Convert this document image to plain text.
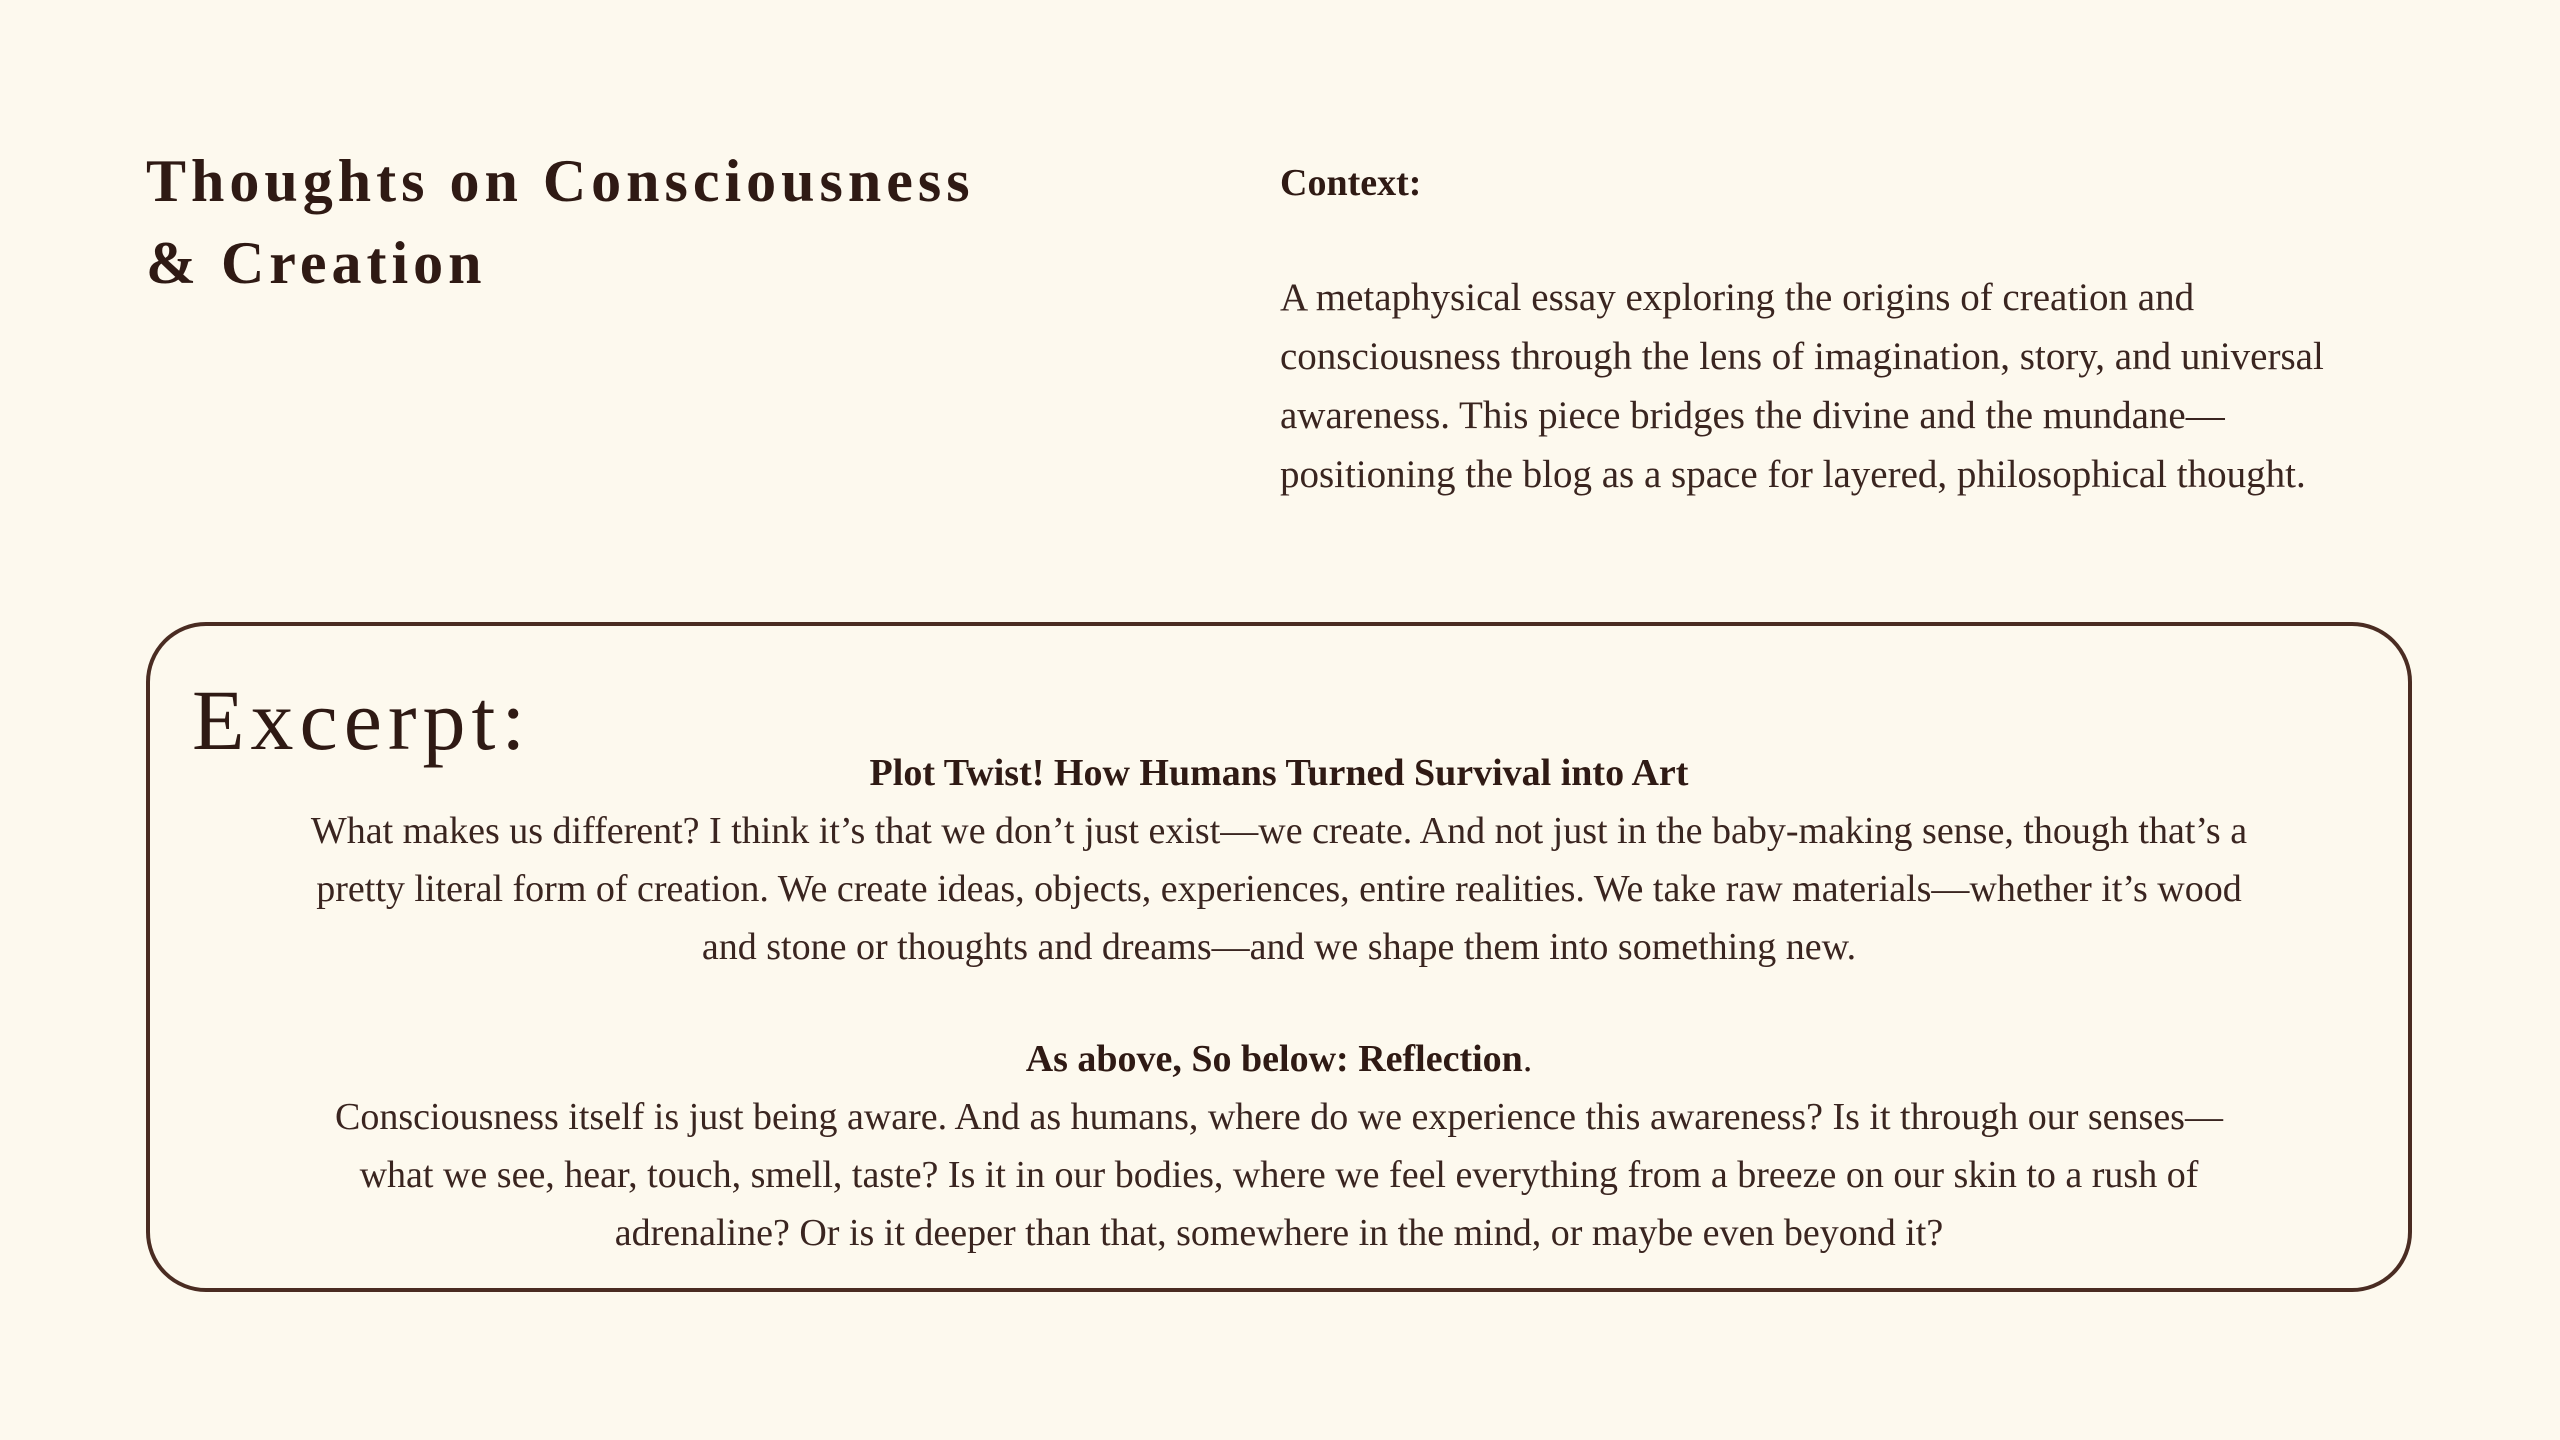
Thoughts on Consciousness
& Creation

Context:

A metaphysical essay exploring the origins of creation and consciousness through the lens of imagination, story, and universal awareness. This piece bridges the divine and the mundane—positioning the blog as a space for layered, philosophical thought.

Excerpt:

Plot Twist! How Humans Turned Survival into Art

What makes us different? I think it’s that we don’t just exist—we create. And not just in the baby-making sense, though that’s a pretty literal form of creation. We create ideas, objects, experiences, entire realities. We take raw materials—whether it’s wood and stone or thoughts and dreams—and we shape them into something new.

As above, So below: Reflection.

Consciousness itself is just being aware. And as humans, where do we experience this awareness? Is it through our senses—what we see, hear, touch, smell, taste? Is it in our bodies, where we feel everything from a breeze on our skin to a rush of adrenaline? Or is it deeper than that, somewhere in the mind, or maybe even beyond it?
